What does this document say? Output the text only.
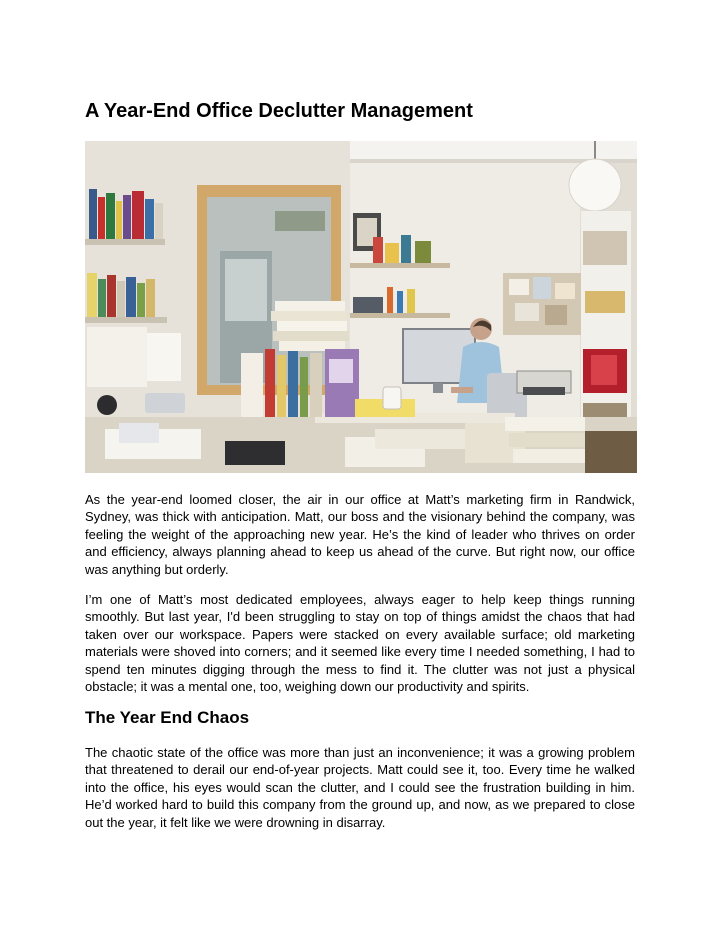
A Year-End Office Declutter Management

As the year-end loomed closer, the air in our office at Matt’s marketing firm in Randwick, Sydney, was thick with anticipation. Matt, our boss and the visionary behind the company, was feeling the weight of the approaching new year. He’s the kind of leader who thrives on order and efficiency, always planning ahead to keep us ahead of the curve. But right now, our office was anything but orderly.

I’m one of Matt’s most dedicated employees, always eager to help keep things running smoothly. But last year, I'd been struggling to stay on top of things amidst the chaos that had taken over our workspace. Papers were stacked on every available surface; old marketing materials were shoved into corners; and it seemed like every time I needed something, I had to spend ten minutes digging through the mess to find it. The clutter was not just a physical obstacle; it was a mental one, too, weighing down our productivity and spirits.

The Year End Chaos

The chaotic state of the office was more than just an inconvenience; it was a growing problem that threatened to derail our end-of-year projects. Matt could see it, too. Every time he walked into the office, his eyes would scan the clutter, and I could see the frustration building in him. He’d worked hard to build this company from the ground up, and now, as we prepared to close out the year, it felt like we were drowning in disarray.
